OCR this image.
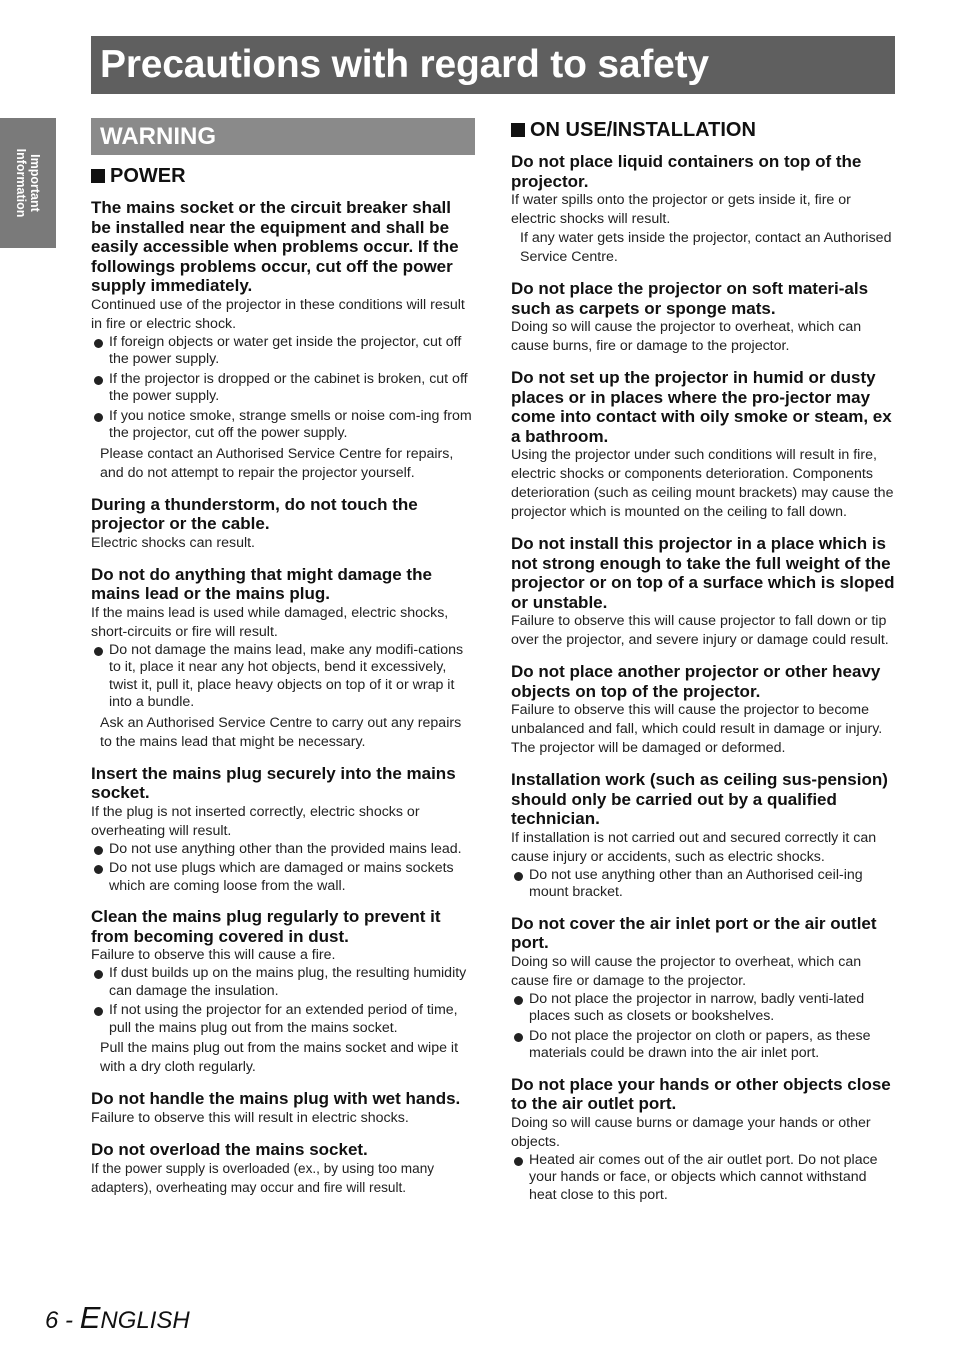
Precautions with regard to safety
Important Information
WARNING
POWER
The mains socket or the circuit breaker shall be installed near the equipment and shall be easily accessible when problems occur. If the followings problems occur, cut off the power supply immediately.

Continued use of the projector in these conditions will result in fire or electric shock.

If foreign objects or water get inside the projector, cut off the power supply.
If the projector is dropped or the cabinet is broken, cut off the power supply.
If you notice smoke, strange smells or noise com-ing from the projector, cut off the power supply.

Please contact an Authorised Service Centre for repairs, and do not attempt to repair the projector yourself.

During a thunderstorm, do not touch the projector or the cable.

Electric shocks can result.

Do not do anything that might damage the mains lead or the mains plug.

If the mains lead is used while damaged, electric shocks, short-circuits or fire will result.

Do not damage the mains lead, make any modifi-cations to it, place it near any hot objects, bend it excessively, twist it, pull it, place heavy objects on top of it or wrap it into a bundle.

Ask an Authorised Service Centre to carry out any repairs to the mains lead that might be necessary.

Insert the mains plug securely into the mains socket.

If the plug is not inserted correctly, electric shocks or overheating will result.

Do not use anything other than the provided mains lead.
Do not use plugs which are damaged or mains sockets which are coming loose from the wall.
Clean the mains plug regularly to prevent it from becoming covered in dust.

Failure to observe this will cause a fire.

If dust builds up on the mains plug, the resulting humidity can damage the insulation.
If not using the projector for an extended period of time, pull the mains plug out from the mains socket.

Pull the mains plug out from the mains socket and wipe it with a dry cloth regularly.

Do not handle the mains plug with wet hands.

Failure to observe this will result in electric shocks.

Do not overload the mains socket.

If the power supply is overloaded (ex., by using too many adapters), overheating may occur and fire will result.

ON USE/INSTALLATION
Do not place liquid containers on top of the projector.

If water spills onto the projector or gets inside it, fire or electric shocks will result.

If any water gets inside the projector, contact an Authorised Service Centre.

Do not place the projector on soft materi-als such as carpets or sponge mats.

Doing so will cause the projector to overheat, which can cause burns, fire or damage to the projector.

Do not set up the projector in humid or dusty places or in places where the pro-jector may come into contact with oily smoke or steam, ex a bathroom.

Using the projector under such conditions will result in fire, electric shocks or components deterioration. Components deterioration (such as ceiling mount brackets) may cause the projector which is mounted on the ceiling to fall down.

Do not install this projector in a place which is not strong enough to take the full weight of the projector or on top of a surface which is sloped or unstable.

Failure to observe this will cause projector to fall down or tip over the projector, and severe injury or damage could result.

Do not place another projector or other heavy objects on top of the projector.

Failure to observe this will cause the projector to become unbalanced and fall, which could result in damage or injury. The projector will be damaged or deformed.

Installation work (such as ceiling sus-pension) should only be carried out by a qualified technician.

If installation is not carried out and secured correctly it can cause injury or accidents, such as electric shocks.

Do not use anything other than an Authorised ceil-ing mount bracket.
Do not cover the air inlet port or the air outlet port.

Doing so will cause the projector to overheat, which can cause fire or damage to the projector.

Do not place the projector in narrow, badly venti-lated places such as closets or bookshelves.
Do not place the projector on cloth or papers, as these materials could be drawn into the air inlet port.
Do not place your hands or other objects close to the air outlet port.

Doing so will cause burns or damage your hands or other objects.

Heated air comes out of the air outlet port. Do not place your hands or face, or objects which cannot withstand heat close to this port.
6 - ENGLISH
